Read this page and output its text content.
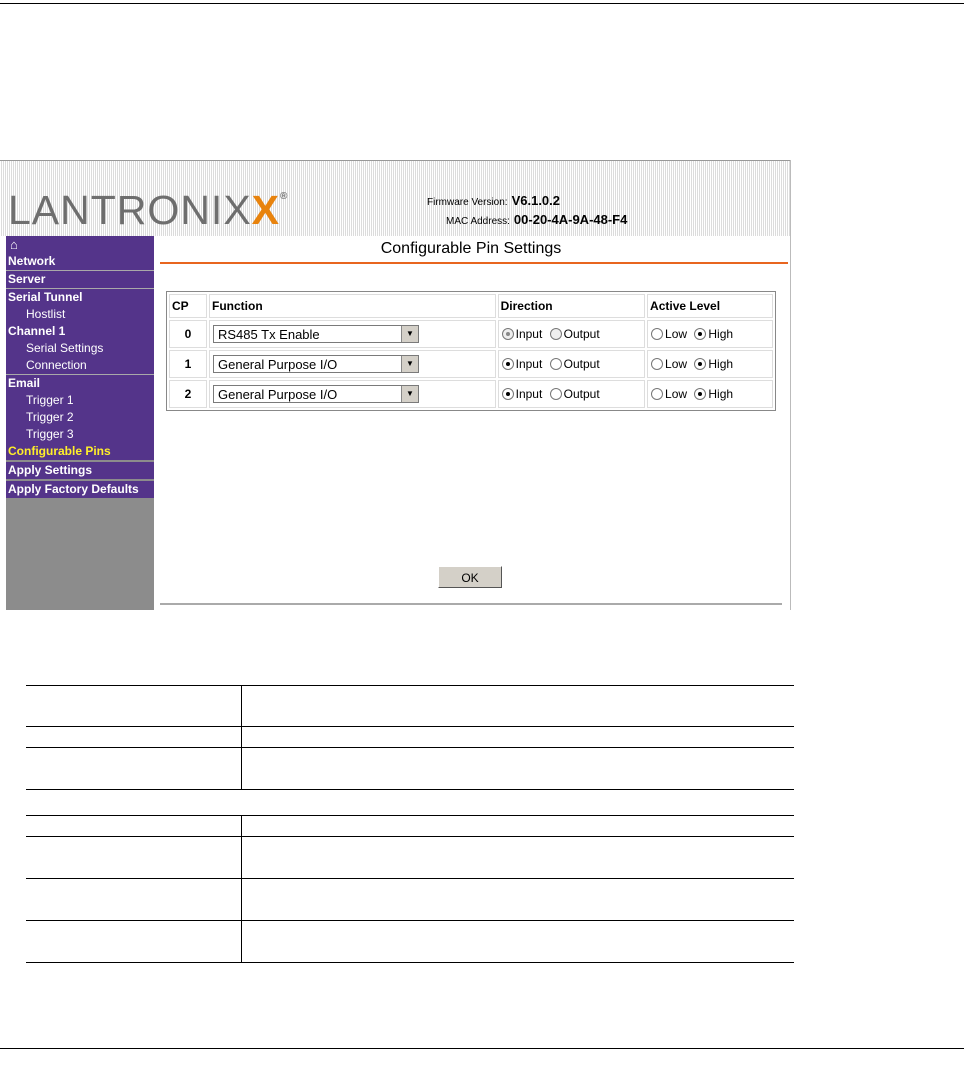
LANTRONIXX®
Firmware Version: V6.1.0.2
MAC Address: 00-20-4A-9A-48-F4
⌂
Network
Server
Serial Tunnel
Hostlist
Channel 1
Serial Settings
Connection
Email
Trigger 1
Trigger 2
Trigger 3
Configurable Pins
Apply Settings
Apply Factory Defaults
Configurable Pin Settings
CP	Function	Direction	Active Level
0	RS485 Tx Enable ▼	Input Output	Low High
1	General Purpose I/O ▼	Input Output	Low High
2	General Purpose I/O ▼	Input Output	Low High
OK
